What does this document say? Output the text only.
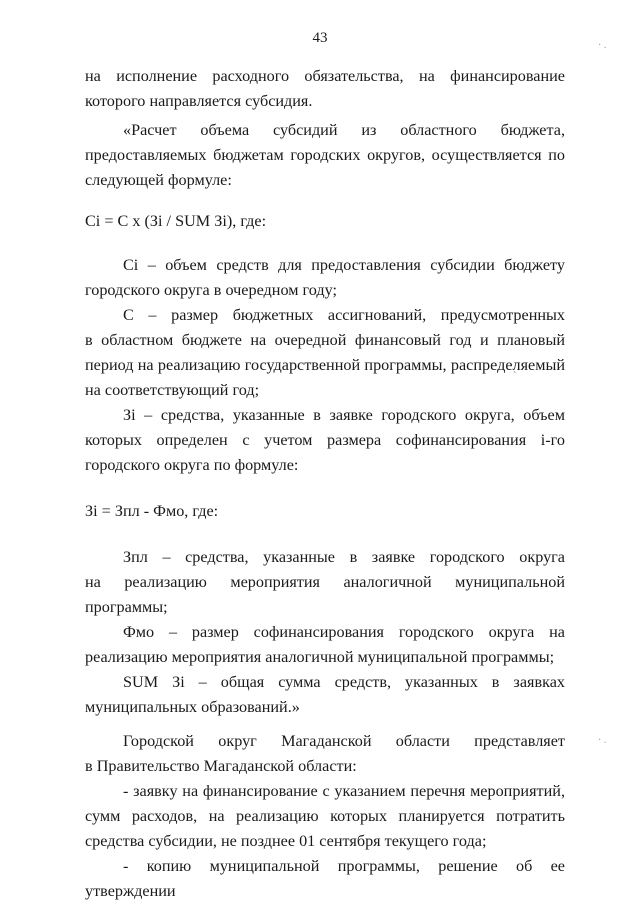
43

на исполнение расходного обязательства, на финансирование которого направляется субсидия.

«Расчет объема субсидий из областного бюджета, предоставляемых бюджетам городских округов, осуществляется по следующей формуле:

Сi = C x (Зi / SUM Зi), где:

Сi – объем средств для предоставления субсидии бюджету городского округа в очередном году;

С – размер бюджетных ассигнований, предусмотренных

в областном бюджете на очередной финансовый год и плановый период на реализацию государственной программы, распределяемый на соответствующий год;

Зi – средства, указанные в заявке городского округа, объем которых определен с учетом размера софинансирования i-го городского округа по формуле:

Зi = Зпл - Фмо, где:

Зпл – средства, указанные в заявке городского округа

на реализацию мероприятия аналогичной муниципальной программы;

Фмо – размер софинансирования городского округа на реализацию мероприятия аналогичной муниципальной программы;

SUM Зi – общая сумма средств, указанных в заявках муниципальных образований.»

Городской округ Магаданской области представляет

в Правительство Магаданской области:

- заявку на финансирование с указанием перечня мероприятий, сумм расходов, на реализацию которых планируется потратить средства субсидии, не позднее 01 сентября текущего года;

- копию муниципальной программы, решение об ее утверждении

· .
· .
`
